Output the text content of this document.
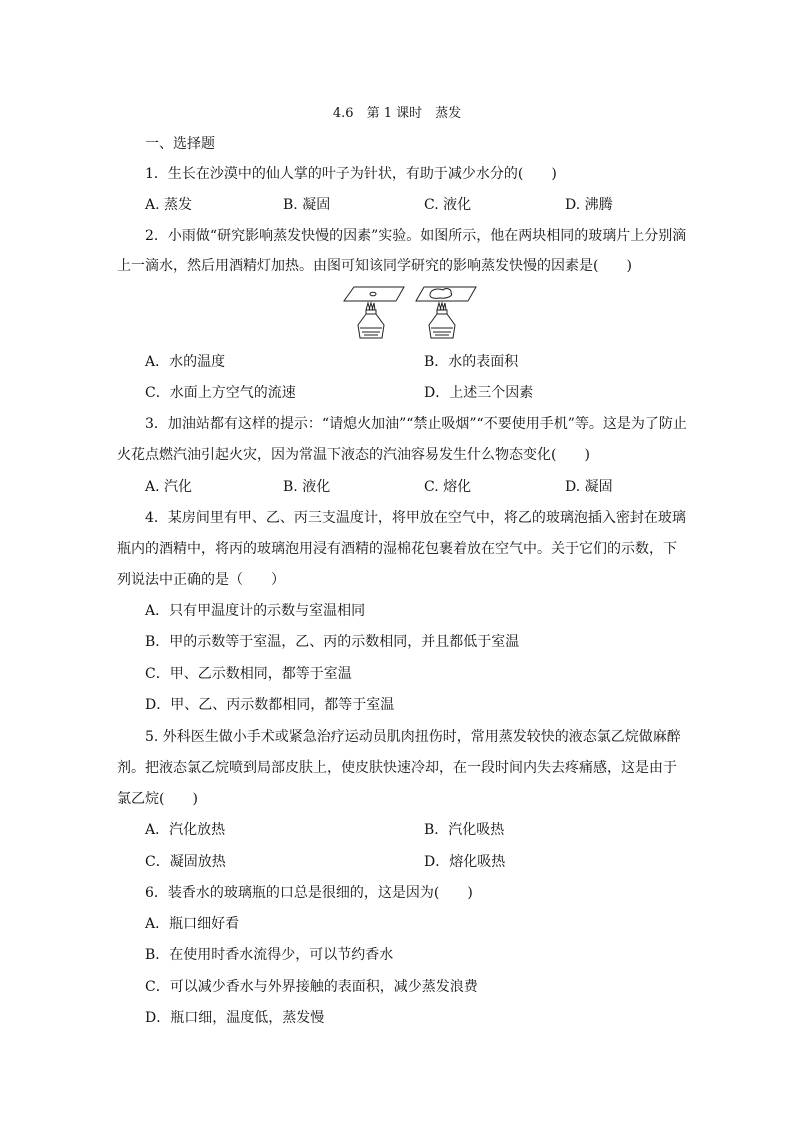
4.6　第 1 课时　蒸发
一、选择题
1．生长在沙漠中的仙人掌的叶子为针状，有助于减少水分的(　　)
A. 蒸发	B. 凝固	C. 液化	D. 沸腾
2．小雨做“研究影响蒸发快慢的因素”实验。如图所示，他在两块相同的玻璃片上分别滴
上一滴水，然后用酒精灯加热。由图可知该同学研究的影响蒸发快慢的因素是(　　)
A．水的温度	B．水的表面积
C．水面上方空气的流速	D．上述三个因素
3．加油站都有这样的提示：“请熄火加油”“禁止吸烟”“不要使用手机”等。这是为了防止
火花点燃汽油引起火灾，因为常温下液态的汽油容易发生什么物态变化(　　)
A. 汽化	B. 液化	C. 熔化	D. 凝固
4．某房间里有甲、乙、丙三支温度计，将甲放在空气中，将乙的玻璃泡插入密封在玻璃
瓶内的酒精中，将丙的玻璃泡用浸有酒精的湿棉花包裹着放在空气中。关于它们的示数，下
列说法中正确的是（　　）
A．只有甲温度计的示数与室温相同
B．甲的示数等于室温，乙、丙的示数相同，并且都低于室温
C．甲、乙示数相同，都等于室温
D．甲、乙、丙示数都相同，都等于室温
5. 外科医生做小手术或紧急治疗运动员肌肉扭伤时，常用蒸发较快的液态氯乙烷做麻醉
剂。把液态氯乙烷喷到局部皮肤上，使皮肤快速冷却，在一段时间内失去疼痛感，这是由于
氯乙烷(　　)
A．汽化放热	B．汽化吸热
C．凝固放热	D．熔化吸热
6．装香水的玻璃瓶的口总是很细的，这是因为(　　)
A．瓶口细好看
B．在使用时香水流得少，可以节约香水
C．可以减少香水与外界接触的表面积，减少蒸发浪费
D．瓶口细，温度低，蒸发慢
